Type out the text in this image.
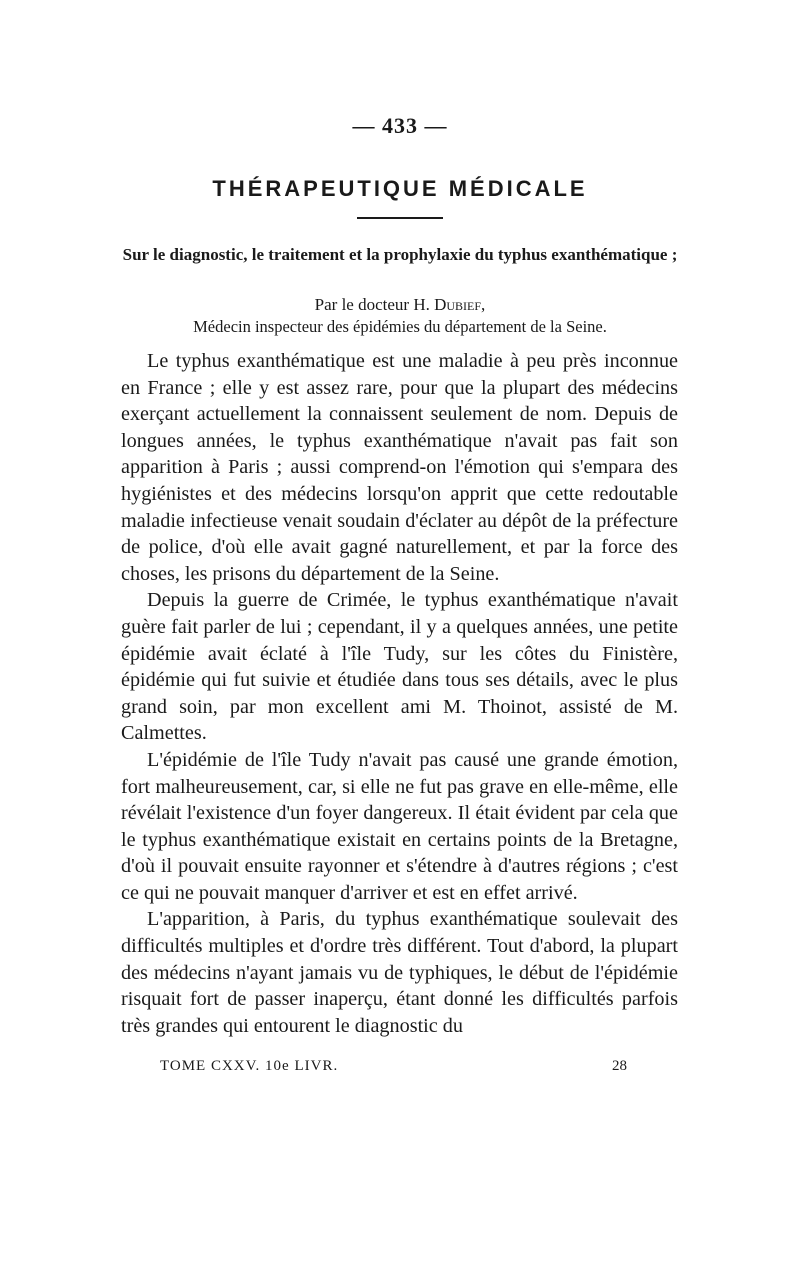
— 433 —
THÉRAPEUTIQUE MÉDICALE
Sur le diagnostic, le traitement et la prophylaxie du typhus exanthématique ;
Par le docteur H. Dubief,
Médecin inspecteur des épidémies du département de la Seine.

Le typhus exanthématique est une maladie à peu près inconnue en France ; elle y est assez rare, pour que la plupart des médecins exerçant actuellement la connaissent seulement de nom. Depuis de longues années, le typhus exanthématique n'avait pas fait son apparition à Paris ; aussi comprend-on l'émotion qui s'empara des hygiénistes et des médecins lorsqu'on apprit que cette redoutable maladie infectieuse venait soudain d'éclater au dépôt de la préfecture de police, d'où elle avait gagné naturellement, et par la force des choses, les prisons du département de la Seine.

Depuis la guerre de Crimée, le typhus exanthématique n'avait guère fait parler de lui ; cependant, il y a quelques années, une petite épidémie avait éclaté à l'île Tudy, sur les côtes du Finistère, épidémie qui fut suivie et étudiée dans tous ses détails, avec le plus grand soin, par mon excellent ami M. Thoinot, assisté de M. Calmettes.

L'épidémie de l'île Tudy n'avait pas causé une grande émotion, fort malheureusement, car, si elle ne fut pas grave en elle-même, elle révélait l'existence d'un foyer dangereux. Il était évident par cela que le typhus exanthématique existait en certains points de la Bretagne, d'où il pouvait ensuite rayonner et s'étendre à d'autres régions ; c'est ce qui ne pouvait manquer d'arriver et est en effet arrivé.

L'apparition, à Paris, du typhus exanthématique soulevait des difficultés multiples et d'ordre très différent. Tout d'abord, la plupart des médecins n'ayant jamais vu de typhiques, le début de l'épidémie risquait fort de passer inaperçu, étant donné les difficultés parfois très grandes qui entourent le diagnostic du

TOME CXXV. 10e LIVR.	28
